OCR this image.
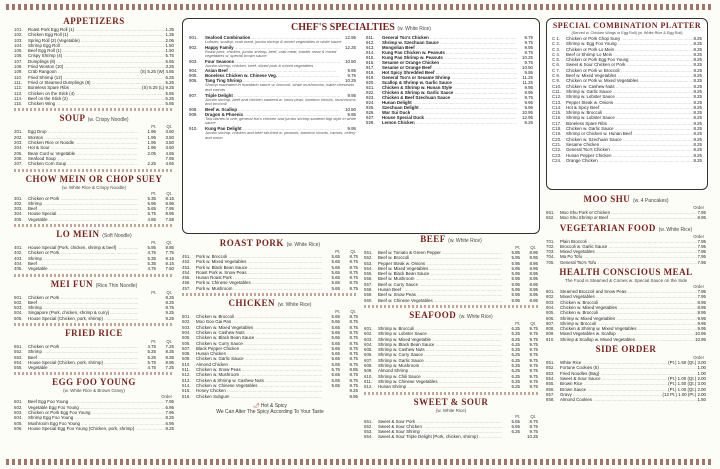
APPETIZERS
101.	Roast Pork Egg Roll (1) .....	1.35
102.	Chicken Egg Roll (1) .....	1.35
103.	Spring Roll (2) (Vegetable) .....	2.06
104.	Shrimp Egg Roll .....	1.50
105.	Beef Egg Roll (1) .....	1.50
106.	Crispy Shrimp (4) .....	5.75
107.	Dumplings (8) .....	5.65
108.	Fried Wonton (10) .....	3.25
109.	Crab Rangoon .....	(S) 5.25 (W) 4.85
110.	Fried Shrimp (12) .....	6.25
111.	Fried or Steamed Dumplings (8) .....	5.25
112.	Boneless Spare Ribs .....	(S) 5.25 (L) 9.25
113.	Chicken on the Stick (4) .....	5.55
114.	Beef on the Stick (2) .....	5.25
115.	Chicken Wing .....	5.85
SOUP (w. Crispy Noodle)
Pt. Qt.
201.	Egg Drop .....	1.95	3.50
202.	Wonton .....	1.95	3.50
203.	Chicken Rice or Noodle .....	1.95	3.50
204.	Hot & Sour .....	1.95	3.50
205.	Bean Curd w. Vegetable .....	2.05	4.65
206.	Seafood Soup .....	7.95
207.	Chicken Corn Soup .....	2.25	4.65
CHOW MEIN OR CHOP SUEY
(w. White Rice & Crispy Noodle)
Pt. Qt.
301.	Chicken or Pork .....	5.35	8.15
302.	Shrimp .....	5.95	8.95
303.	Beef .....	5.65	7.95
304.	House Special .....	5.75	8.95
305.	Vegetable .....	4.85	7.58
LO MEIN (Soft Noodle)
Pt. Qt.
401.	House Special (Pork, chicken, shrimp & beef) .....	5.95	8.85
402.	Chicken or Pork .....	4.75	7.75
403.	Shrimp .....	5.35	8.15
404.	Beef .....	5.35	8.15
405.	Vegetable .....	4.75	7.50
MEI FUN (Rice Thin Noodle)
Pt. Qt.
501.	Chicken or Pork .....	8.25
502.	Beef .....	8.25
503.	Shrimp .....	8.75
504.	Singapore (Pork, chicken, shrimp & curry) .....	9.25
505.	House Special (Chicken, pork, shrimp) .....	9.25
FRIED RICE
Pt. Qt.
551.	Chicken or Pork .....	4.75	7.25
552.	Shrimp .....	5.25	8.35
553.	Beef .....	5.25	8.35
554.	House Special (Chicken, pork, shrimp) .....	5.75	8.95
555.	Vegetable .....	4.75	7.25
EGG FOO YOUNG
(w. White Rice & Brown Gravy)
Order
601.	Beef Egg Foo Young .....	7.95
602.	Vegetable Egg Foo Young .....	6.95
603.	Chicken or Pork Egg Foo Young .....	7.95
604.	Shrimp Egg Foo Young .....	8.25
605.	Mushroom Egg Foo Young .....	6.95
606.	House Special Egg Foo Young (Chicken, pork, shrimp) .....	8.25
CHEF'S SPECIALTIES (w. White Rice)
901.	Seafood Combination .....	12.95
Lobster, scallop, crab meat, jumbo shrimp & mixed vegetables in white sauce
902.	Happy Family .....	12.25
Roast pork, chicken, jumbo shrimp, beef, crab meat, lobster meat & mixed vegetables w. special brown sauce
903.	Four Seasons .....	10.50
Jumbo shrimp, chicken, beef, sliced pork & mixed vegetables
904.	Asian Beef .....	9.95
905.	Boneless Chicken w. Chinese Veg. .....	9.75
906.	Tang Ting Shrimp .....	10.25
Shrimp marinated in mandarin sauce w. broccoli, straw mushrooms, water chestnuts and carrots
907.	Triple Delight .....	9.95
Jumbo shrimp, beef and chicken sauteed w. snow peas, bamboo shoots, mushrooms and broccoli
908.	Beef w. Scallop .....	10.50
909.	Dragon & Phoenix .....	9.95
Two dishes in one, general tso's chicken and jumbo shrimp sauteed bigi style in white sauce
910.	Kung Pao Delight .....	9.95
Jumbo shrimp, chicken and beef stir-fried w. peanuts, bamboo shoots, carrots, celery and onion
911.	General Tso's Chicken .....	9.75
912.	Shrimp w. Szechuan Sauce .....	9.75
913.	Mongolian Beef .....	9.95
914.	Kung Pao Chicken w. Peanuts .....	9.75
915.	Kung Pao Shrimp w. Peanuts .....	10.25
916.	Sesame or Orange Chicken .....	9.75
917.	Sesame or Orange Beef .....	10.50
918.	Hot Spicy Shredded Beef .....	9.95
919.	General Tso's or Sesame Shrimp .....	11.25
920.	Scallop & Shrimp w. Garlic Sauce .....	11.25
921.	Chicken & Shrimp w. Hunan Style .....	9.95
922.	Chicken & Shrimp w. Garlic Sauce .....	9.95
923.	Chicken & Beef Szechuan Sauce .....	9.75
924.	Hunan Delight .....	9.95
925.	Szechuan Delight .....	9.95
926.	War Sui Duck .....	10.95
927.	House Special Duck .....	12.95
928.	Lemon Chicken .....	9.25
ROAST PORK (w. White Rice)
Pt. Qt.
451.	Pork w. Broccoli .....	5.65	8.75
452.	Pork w. Mixed Vegetables .....	5.65	8.75
453.	Pork w. Black Bean Sauce .....	5.65	8.75
454.	Roast Pork w. Snow Peas .....	5.65	8.75
455.	Hunan Roast Pork .....	5.65	8.75
456.	Pork w. Chinese Vegetables .....	5.65	8.75
457.	Pork w. Mushroom .....	5.65	8.75
CHICKEN (w. White Rice)
Pt. Qt.
501.	Chicken w. Broccoli .....	5.65	8.75
502.	Moo Goo Gai Pan .....	5.65	8.75
503.	Chicken w. Mixed Vegetables .....	5.65	8.75
504.	Chicken w. Cashew Nuts .....	5.65	8.75
505.	Chicken w. Black Bean Sauce .....	5.65	8.75
506.	Chicken w. Curry Sauce .....	5.65	8.75
507.	Black Pepper Chicken .....	5.65	8.75
508.	Hunan Chicken .....	5.65	8.75
509.	Chicken w. Garlic Sauce .....	5.65	8.75
510.	Almond Chicken .....	5.65	8.75
511.	Chicken w. Snow Peas .....	5.75	8.85
512.	Chicken w. Mushroom .....	5.65	8.75
513.	Chicken & Shrimp w. Cashew Nuts .....	5.65	8.75
514.	Chicken w. Chinese Vegetables .....	5.65	8.75
515.	Honey Chicken .....	9.25
516.	Chicken Subgum .....	8.95
🌶 Hot & Spicy
We Can Alter The Spicy According To Your Taste
BEEF (w. White Rice)
Pt. Qt.
551.	Beef w. Tomato & Green Pepper .....	5.95	8.95
552.	Beef w. Broccoli .....	5.95	8.95
553.	Pepper Steak w. Onions .....	5.95	8.95
554.	Beef w. Mixed Vegetables .....	5.95	8.95
555.	Beef w. Black Bean Sauce .....	5.95	8.95
556.	Beef w. Mushroom .....	5.95	8.95
557.	Beef w. Curry Sauce .....	5.95	8.95
558.	Hunan Beef .....	5.95	8.95
559.	Beef w. Snow Peas .....	5.95	8.95
560.	Beef w. Chinese Vegetables .....	5.95	8.95
SEAFOOD (w. White Rice)
Pt. Qt.
601.	Shrimp w. Broccoli .....	6.25	9.75
602.	Shrimp w. Lobster Sauce .....	6.25	9.75
603.	Shrimp w. Mixed Vegetable .....	6.25	9.75
604.	Shrimp w. Black Bean Sauce .....	6.25	9.75
605.	Shrimp w. Cashew Nuts .....	6.25	9.75
606.	Shrimp w. Curry Sauce .....	6.25	9.75
607.	Shrimp w. Garlic Sauce .....	6.25	9.75
608.	Shrimp w. Mushroom .....	6.25	9.75
609.	Almond Shrimp .....	6.25	9.75
610.	Shrimp w. Chili Sauce .....	6.25	9.75
611.	Shrimp w. Chinese Vegetables .....	6.25	9.75
612.	Hunan Shrimp .....	6.25	9.75
SWEET & SOUR
(w. White Rice)
Pt. Qt.
651.	Sweet & Sour Pork .....	5.65	8.75
652.	Sweet & Sour Chicken .....	5.65	8.75
653.	Sweet & Sour Shrimp .....	6.25	9.75
654.	Sweet & Sour Triple Delight (Pork, chicken, shrimp) .....	10.25
SPECIAL COMBINATION PLATTER
(Served w. Chicken Wings or Egg Roll) (w. White Rice & Egg Roll)
C 1.	Chicken or Pork Chop Suey .....	8.25
C 2.	Shrimp w. Egg Foo Young .....	8.25
C 3.	Chicken or Pork Lo Mein .....	8.25
C 4.	Beef or Shrimp Lo Mein .....	8.25
C 5.	Chicken or Pork Egg Foo Young .....	8.25
C 6.	Sweet & Sour Chicken or Pork .....	8.25
C 7.	Chicken or Pork w. Broccoli .....	8.25
C 8.	Beef w. Mixed Vegetables .....	8.25
C 9.	Chicken or Pork w. Mixed Vegetables .....	8.25
C10.	Chicken w. Cashew Nuts .....	8.25
C11.	Shrimp w. Garlic Sauce .....	8.25
C12.	Shrimp w. Lobster Sauce .....	8.25
C13.	Pepper Steak w. Onions .....	8.25
C14.	Hot & Spicy Beef .....	8.25
C15.	Shrimp w. Broccoli .....	8.25
C16.	Shrimp w. Lobster Sauce .....	8.25
C17.	Boneless Spare Ribs .....	8.25
C18.	Chicken w. Garlic Sauce .....	8.25
C19.	Shrimp or Chicken w. Hunan Beef .....	8.25
C20.	Chicken w. Szechuan Sauce .....	8.25
C21.	Sesame Chicken .....	8.25
C22.	General Tso's Chicken .....	8.25
C23.	Hunan Pepper Chicken .....	8.25
C24.	Orange Chicken .....	8.25
MOO SHU (w. 4 Pancakes)
Order
651.	Moo Shu Pork or Chicken .....	7.95
652.	Moo Shu Shrimp or Beef .....	8.95
VEGETARIAN FOOD (w. White Rice)
Order
701.	Plain Broccoli .....	7.95
702.	Broccoli w. Garlic Sauce .....	7.95
703.	Mixed Vegetables .....	7.95
704.	Ma Po Tofu .....	7.95
705.	General Tso's Tofu .....	7.95
HEALTH CONSCIOUS MEAL
The Food is Steamed & Comes w. Special Sauce on the Side
Order
801.	Steamed Broccoli and Snow Peas .....	7.95
802.	Mixed Vegetables .....	7.95
803.	Chicken w. Broccoli .....	8.95
804.	Chicken w. Mixed Vegetables .....	8.95
805.	Chicken w. Broccoli .....	8.95
806.	Shrimp w. Mixed Vegetables .....	9.95
807.	Shrimp w. Broccoli .....	9.95
808.	Chicken & Shrimp w. Mixed Vegetables .....	9.95
809.	Mixed Vegetables w. Scallop .....	10.95
810.	Shrimp & Scallop w. Mixed Vegetables .....	10.95
SIDE ORDER
Order
851.	White Rice .....	(Pt.) 1.50 (Qt.) 3.00
852.	Fortune Cookies (5) .....	1.00
853.	Fried Noodles (Bag) .....	1.00
854.	Sweet & Sour Sauce .....	(Pt.) 1.00 (Qt.) 2.00
855.	Brown Rice .....	(Pt.) 1.50 (Qt.) 3.00
856.	Brown Sauce .....	(Pt.) 1.00 (Qt.) 2.00
857.	Gravy .....	(12 Pt.) 1.00 (Pt.) 2.00
858.	Almond Cookies .....	1.50
